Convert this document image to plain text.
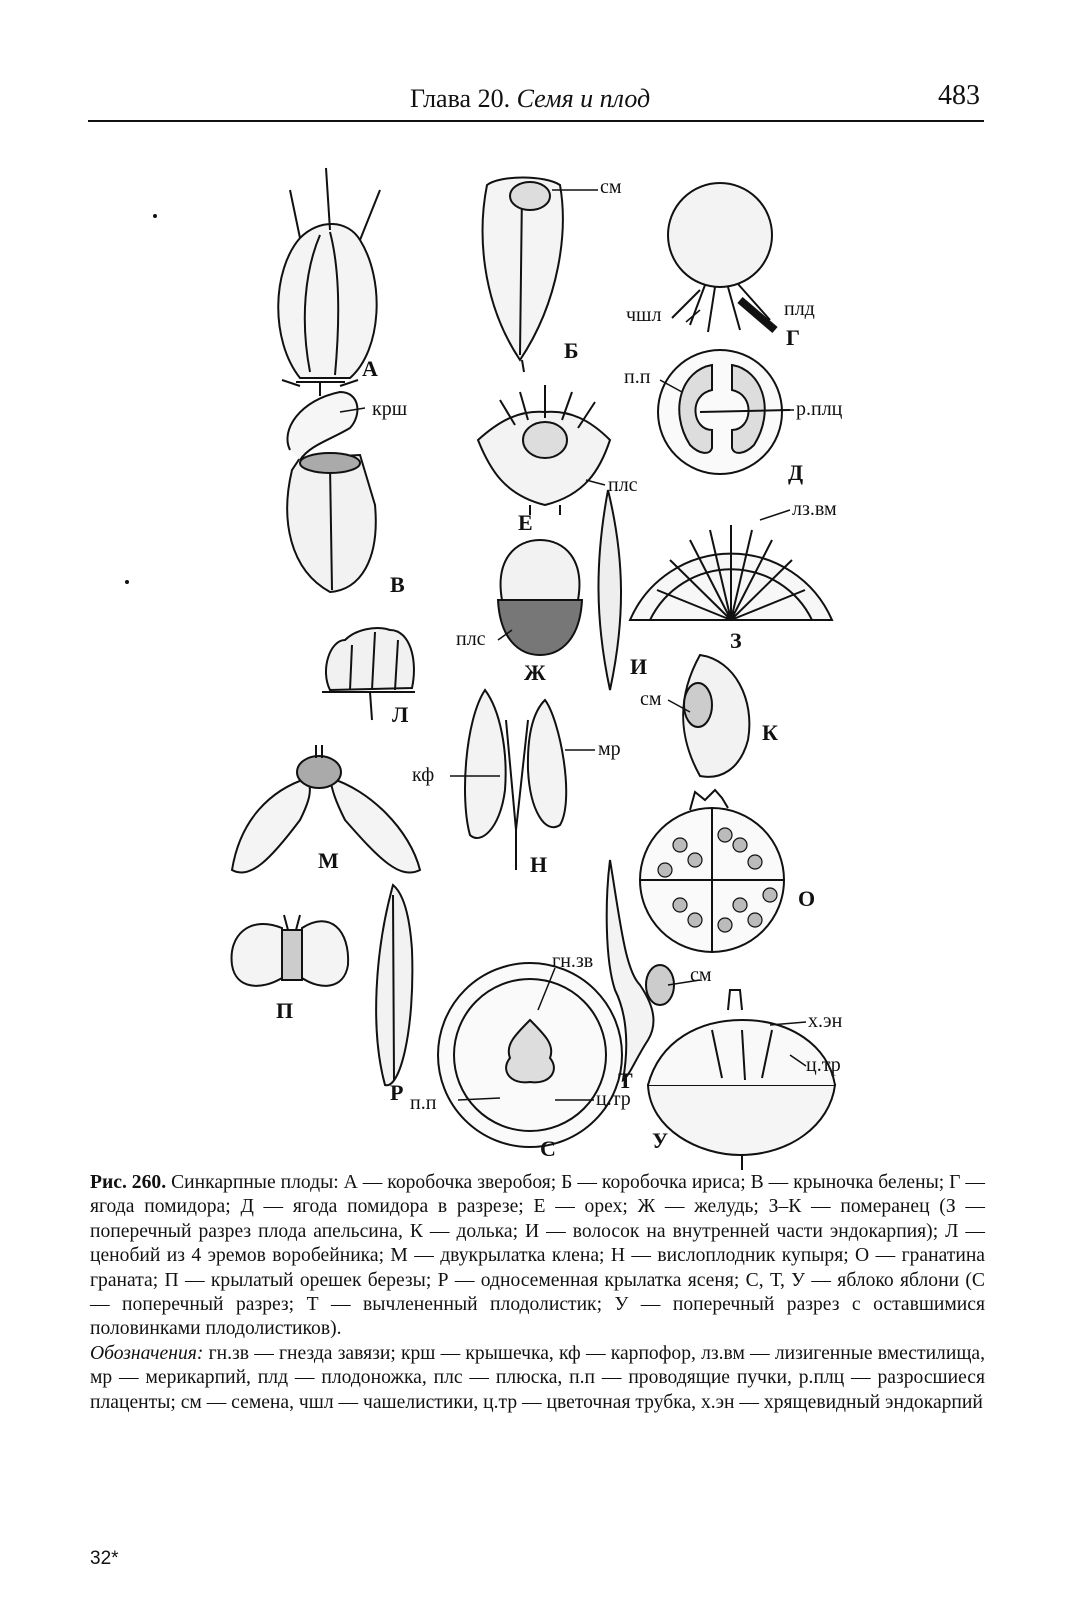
Глава 20. Семя и плод	483
А
Б
Г
В
Д
Е
З
И
Ж
Л
К
М	Н
О
П
Р	Т
С	У
см
чшл	плд
п.п
р.плц
крш
плс
лз.вм
плс
см
мр
кф
гн.зв
см
х.эн
ц.тр
п.п	ц.тр
Рис. 260. Синкарпные плоды: А — коробочка зверобоя; Б — коробочка ириса; В — крыночка белены; Г — ягода помидора; Д — ягода помидора в разрезе; Е — орех; Ж — желудь; З–К — померанец (З — поперечный разрез плода апельсина, К — долька; И — волосок на внутренней части эндокарпия); Л — ценобий из 4 эремов воробейника; М — двукрылатка клена; Н — вислоплодник купыря; О — гранатина граната; П — крылатый орешек березы; Р — односеменная крылатка ясеня; С, Т, У — яблоко яблони (С — поперечный разрез; Т — вычлененный плодолистик; У — поперечный разрез с оставшимися половинками плодолистиков).
Обозначения: гн.зв — гнезда завязи; крш — крышечка, кф — карпофор, лз.вм — лизигенные вместилища, мр — мерикарпий, плд — плодоножка, плс — плюска, п.п — проводящие пучки, р.плц — разросшиеся плаценты; см — семена, чшл — чашелистики, ц.тр — цветочная трубка, х.эн — хрящевидный эндокарпий
32*
